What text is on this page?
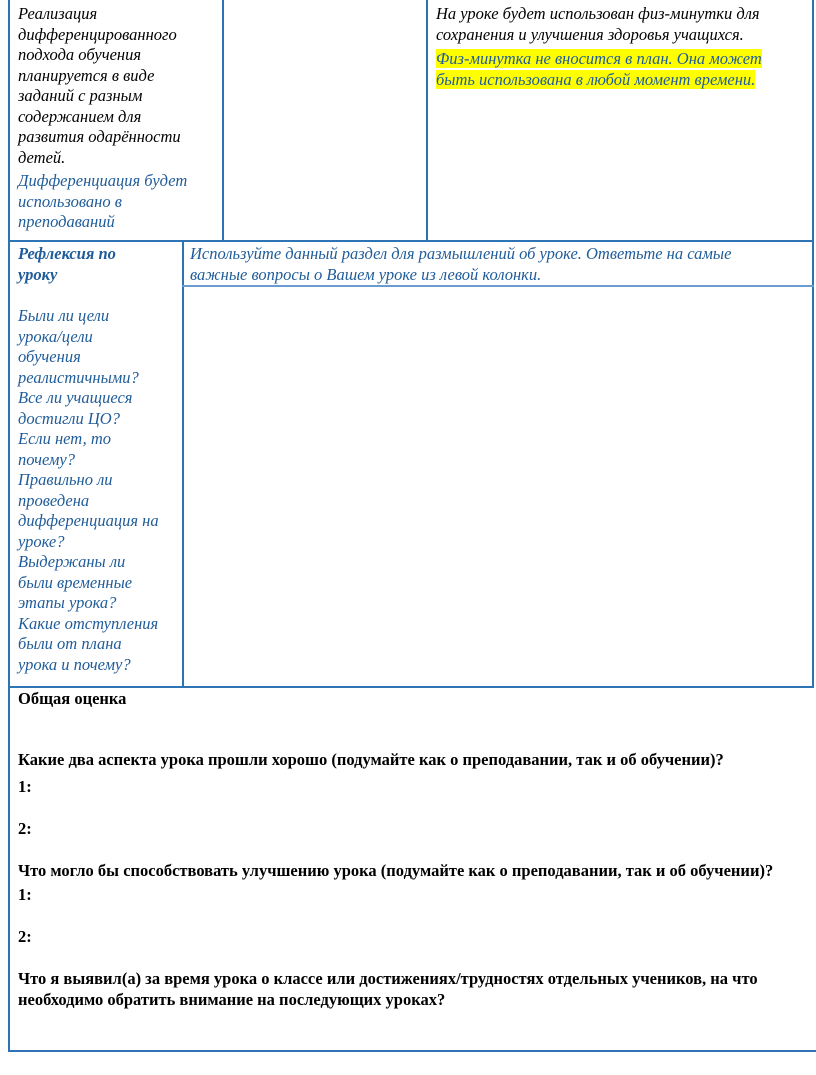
Реализация
дифференцированного
подхода обучения
планируется в виде
заданий с разным
содержанием для
развития одарённости
детей.

Дифференциация будет
использовано в
преподаваний

На уроке будет использован физ-минутки для
сохранения и улучшения здоровья учащихся.

Физ-минутка не вносится в план. Она может
быть использована в любой момент времени.

Рефлексия по
уроку

Были ли цели
урока/цели
обучения
реалистичными?
Все ли учащиеся
достигли ЦО?
Если нет, то
почему?
Правильно ли
проведена
дифференциация на
уроке?
Выдержаны ли
были временные
этапы урока?
Какие отступления
были от плана
урока и почему?

Используйте данный раздел для размышлений об уроке. Ответьте на самые
важные вопросы о Вашем уроке из левой колонки.

Общая оценка

Какие два аспекта урока прошли хорошо (подумайте как о преподавании, так и об обучении)?

1:

2:

Что могло бы способствовать улучшению урока (подумайте как о преподавании, так и об обучении)?

1:

2:

Что я выявил(а) за время урока о классе или достижениях/трудностях отдельных учеников, на что необходимо обратить внимание на последующих уроках?
